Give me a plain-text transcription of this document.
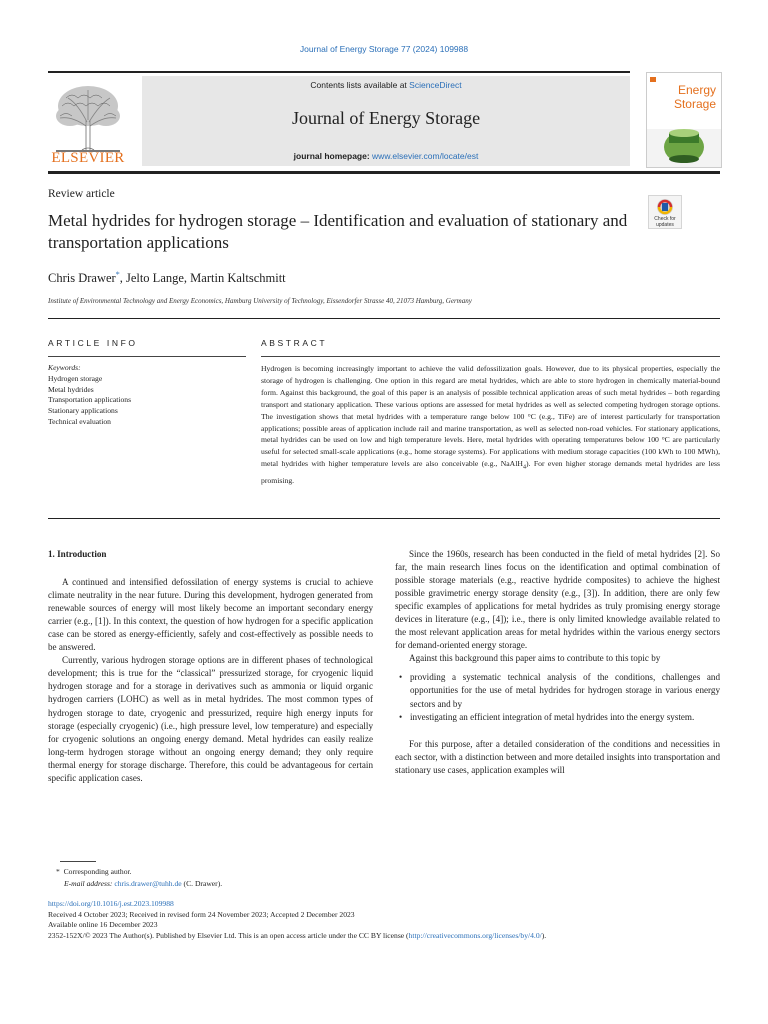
Journal of Energy Storage 77 (2024) 109988
ELSEVIER
Contents lists available at ScienceDirect
Journal of Energy Storage
journal homepage: www.elsevier.com/locate/est
Energy
Storage
Review article
Metal hydrides for hydrogen storage – Identification and evaluation of stationary and transportation applications
Check for updates
Chris Drawer*, Jelto Lange, Martin Kaltschmitt
Institute of Environmental Technology and Energy Economics, Hamburg University of Technology, Eissendorfer Strasse 40, 21073 Hamburg, Germany
ARTICLE INFO	ABSTRACT
Keywords:
Hydrogen storage
Metal hydrides
Transportation applications
Stationary applications
Technical evaluation
Hydrogen is becoming increasingly important to achieve the valid defossilization goals. However, due to its physical properties, especially the storage of hydrogen is challenging. One option in this regard are metal hydrides, which are able to store hydrogen in chemically material-bound form. Against this background, the goal of this paper is an analysis of possible technical application areas of such metal hydrides – both regarding transport and stationary application. These various options are assessed for metal hydrides as well as selected competing hydrogen storage options. The investigation shows that metal hydrides with a temperature range below 100 °C (e.g., TiFe) are of interest particularly for transportation applications; possible areas of application include rail and marine transportation, as well as selected non-road vehicles. For stationary applications, metal hydrides can be used on low and high temperature levels. Here, metal hydrides with operating temperatures below 100 °C are particularly useful for selected small-scale applications (e.g., home storage systems). For applications with medium storage capacities (100 kWh to 100 MWh), metal hydrides with higher temperature levels are also conceivable (e.g., NaAlH$_4$). For even higher storage demands metal hydrides are less promising.
1. Introduction

A continued and intensified defossilation of energy systems is crucial to achieve climate neutrality in the near future. During this development, hydrogen generated from renewable sources of energy will most likely become an important secondary energy carrier (e.g., [1]). In this context, the question of how hydrogen for a specific application case can be stored as energy-efficiently, safely and cost-effectively as possible needs to be answered.

Currently, various hydrogen storage options are in different phases of technological development; this is true for the “classical” pressurized storage, for cryogenic liquid hydrogen storage and for a storage in derivatives such as ammonia or liquid organic hydrogen carriers (LOHC) as well as in metal hydrides. The most common types of hydrogen storage to date, cryogenic and pressurized, require high energy inputs for storage (especially cryogenic) (i.e., high pressure level, low temperature) and especially for cryogenic solutions an ongoing energy demand. Metal hydrides can easily realize long-term hydrogen storage without an ongoing energy demand; they only require thermal energy for storage discharge. Therefore, this could be advantageous for certain specific application cases.

Since the 1960s, research has been conducted in the field of metal hydrides [2]. So far, the main research lines focus on the identification and optimal combination of possible storage materials (e.g., reactive hydride composites) to achieve the highest possible gravimetric energy storage density (e.g., [3]). In addition, there are only few specific examples of applications for metal hydrides as truly promising energy storage devices in literature (e.g., [4]); i.e., there is only limited knowledge available related to the most relevant application areas for metal hydrides within the various energy sectors for demand-oriented energy storage.

Against this background this paper aims to contribute to this topic by

• providing a systematic technical analysis of the conditions, challenges and opportunities for the use of metal hydrides for hydrogen storage in various energy sectors and by
• investigating an efficient integration of metal hydrides into the energy system.

For this purpose, after a detailed consideration of the conditions and necessities in each sector, with a distinction between and more detailed insights into transportation and stationary use cases, application examples will

* Corresponding author.
E-mail address: chris.drawer@tuhh.de (C. Drawer).
https://doi.org/10.1016/j.est.2023.109988
Received 4 October 2023; Received in revised form 24 November 2023; Accepted 2 December 2023
Available online 16 December 2023
2352-152X/© 2023 The Author(s). Published by Elsevier Ltd. This is an open access article under the CC BY license (http://creativecommons.org/licenses/by/4.0/).
